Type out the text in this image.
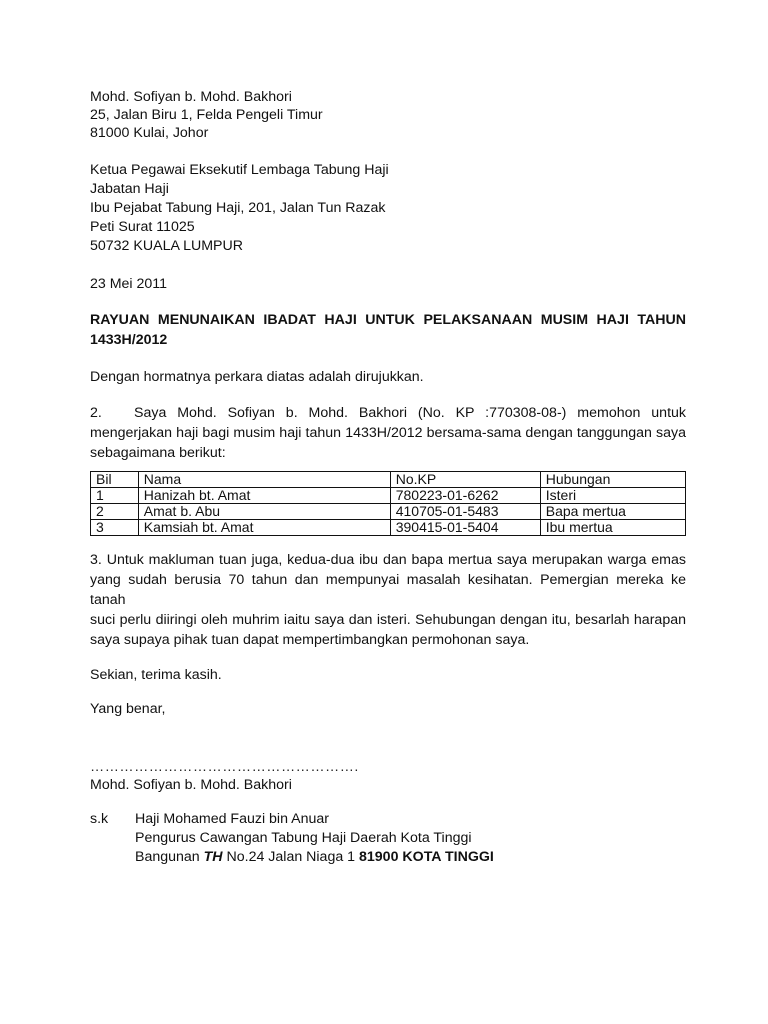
Mohd. Sofiyan b. Mohd. Bakhori
25, Jalan Biru 1, Felda Pengeli Timur
81000 Kulai, Johor
Ketua Pegawai Eksekutif Lembaga Tabung Haji
Jabatan Haji
Ibu Pejabat Tabung Haji, 201, Jalan Tun Razak
Peti Surat 11025
50732 KUALA LUMPUR
23 Mei 2011
RAYUAN MENUNAIKAN IBADAT HAJI UNTUK PELAKSANAAN MUSIM HAJI TAHUN
1433H/2012
Dengan hormatnya perkara diatas adalah dirujukkan.
2. Saya Mohd. Sofiyan b. Mohd. Bakhori (No. KP :770308-08-) memohon untuk
mengerjakan haji bagi musim haji tahun 1433H/2012 bersama-sama dengan tanggungan saya
sebagaimana berikut:
Bil	Nama	No.KP	Hubungan
1	Hanizah bt. Amat	780223-01-6262	Isteri
2	Amat b. Abu	410705-01-5483	Bapa mertua
3	Kamsiah bt. Amat	390415-01-5404	Ibu mertua
3. Untuk makluman tuan juga, kedua-dua ibu dan bapa mertua saya merupakan warga emas
yang sudah berusia 70 tahun dan mempunyai masalah kesihatan. Pemergian mereka ke tanah
suci perlu diiringi oleh muhrim iaitu saya dan isteri. Sehubungan dengan itu, besarlah harapan
saya supaya pihak tuan dapat mempertimbangkan permohonan saya.
Sekian, terima kasih.
Yang benar,
……………………………………………….
Mohd. Sofiyan b. Mohd. Bakhori
s.k	Haji Mohamed Fauzi bin Anuar
Pengurus Cawangan Tabung Haji Daerah Kota Tinggi
Bangunan TH No.24 Jalan Niaga 1 81900 KOTA TINGGI
